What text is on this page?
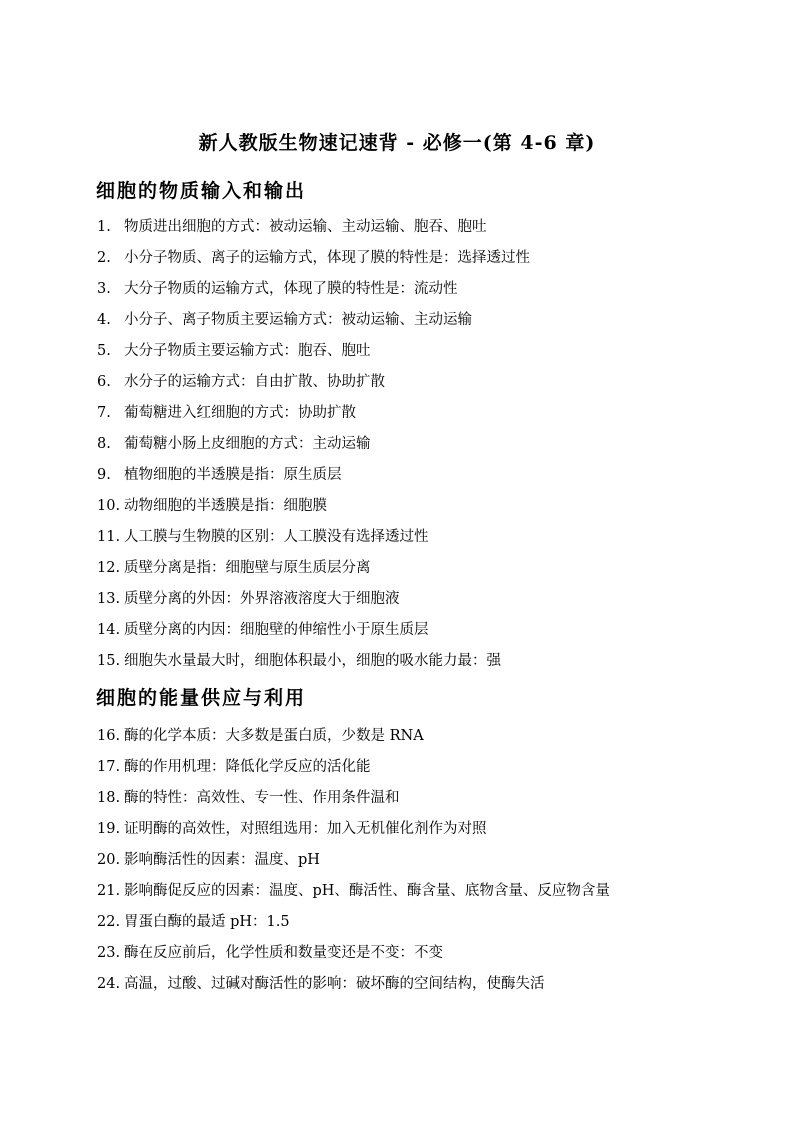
新人教版生物速记速背 - 必修一(第 4-6 章)
细胞的物质输入和输出
1. 物质进出细胞的方式：被动运输、主动运输、胞吞、胞吐
2. 小分子物质、离子的运输方式，体现了膜的特性是：选择透过性
3. 大分子物质的运输方式，体现了膜的特性是：流动性
4. 小分子、离子物质主要运输方式：被动运输、主动运输
5. 大分子物质主要运输方式：胞吞、胞吐
6. 水分子的运输方式：自由扩散、协助扩散
7. 葡萄糖进入红细胞的方式：协助扩散
8. 葡萄糖小肠上皮细胞的方式：主动运输
9. 植物细胞的半透膜是指：原生质层
10. 动物细胞的半透膜是指：细胞膜
11. 人工膜与生物膜的区别：人工膜没有选择透过性
12. 质壁分离是指：细胞壁与原生质层分离
13. 质壁分离的外因：外界溶液溶度大于细胞液
14. 质壁分离的内因：细胞壁的伸缩性小于原生质层
15. 细胞失水量最大时，细胞体积最小，细胞的吸水能力最：强
细胞的能量供应与利用
16. 酶的化学本质：大多数是蛋白质，少数是 RNA
17. 酶的作用机理：降低化学反应的活化能
18. 酶的特性：高效性、专一性、作用条件温和
19. 证明酶的高效性，对照组选用：加入无机催化剂作为对照
20. 影响酶活性的因素：温度、pH
21. 影响酶促反应的因素：温度、pH、酶活性、酶含量、底物含量、反应物含量
22. 胃蛋白酶的最适 pH：1.5
23. 酶在反应前后，化学性质和数量变还是不变：不变
24. 高温，过酸、过碱对酶活性的影响：破坏酶的空间结构，使酶失活
